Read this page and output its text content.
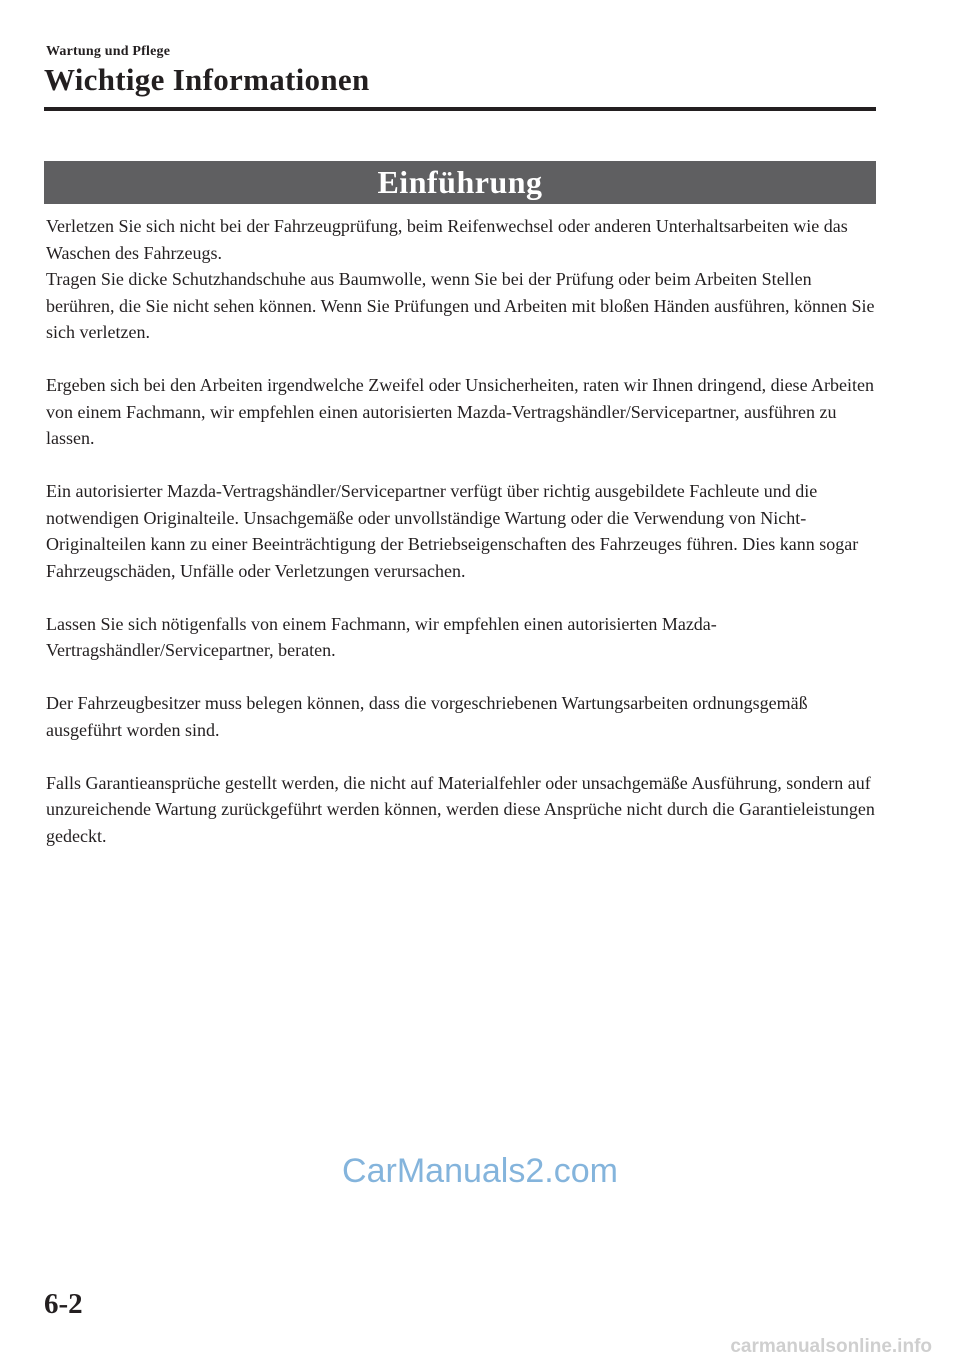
Wartung und Pflege
Wichtige Informationen
Einführung
Verletzen Sie sich nicht bei der Fahrzeugprüfung, beim Reifenwechsel oder anderen Unterhaltsarbeiten wie das Waschen des Fahrzeugs.

Tragen Sie dicke Schutzhandschuhe aus Baumwolle, wenn Sie bei der Prüfung oder beim Arbeiten Stellen berühren, die Sie nicht sehen können. Wenn Sie Prüfungen und Arbeiten mit bloßen Händen ausführen, können Sie sich verletzen.

Ergeben sich bei den Arbeiten irgendwelche Zweifel oder Unsicherheiten, raten wir Ihnen dringend, diese Arbeiten von einem Fachmann, wir empfehlen einen autorisierten Mazda-Vertragshändler/Servicepartner, ausführen zu lassen.

Ein autorisierter Mazda-Vertragshändler/Servicepartner verfügt über richtig ausgebildete Fachleute und die notwendigen Originalteile. Unsachgemäße oder unvollständige Wartung oder die Verwendung von Nicht-Originalteilen kann zu einer Beeinträchtigung der Betriebseigenschaften des Fahrzeuges führen. Dies kann sogar Fahrzeugschäden, Unfälle oder Verletzungen verursachen.

Lassen Sie sich nötigenfalls von einem Fachmann, wir empfehlen einen autorisierten Mazda-Vertragshändler/Servicepartner, beraten.

Der Fahrzeugbesitzer muss belegen können, dass die vorgeschriebenen Wartungsarbeiten ordnungsgemäß ausgeführt worden sind.

Falls Garantieansprüche gestellt werden, die nicht auf Materialfehler oder unsachgemäße Ausführung, sondern auf unzureichende Wartung zurückgeführt werden können, werden diese Ansprüche nicht durch die Garantieleistungen gedeckt.

CarManuals2.com
6-2
carmanualsonline.info
